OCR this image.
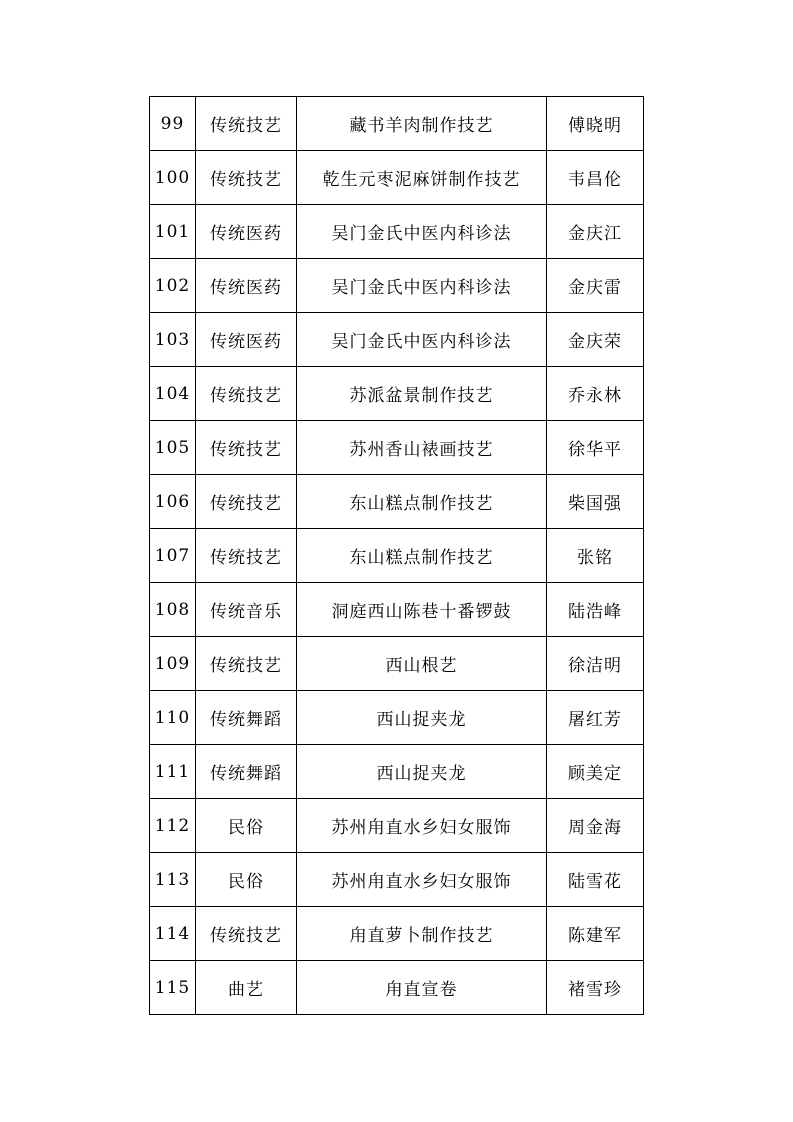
99	传统技艺	藏书羊肉制作技艺	傅晓明
100	传统技艺	乾生元枣泥麻饼制作技艺	韦昌伦
101	传统医药	吴门金氏中医内科诊法	金庆江
102	传统医药	吴门金氏中医内科诊法	金庆雷
103	传统医药	吴门金氏中医内科诊法	金庆荣
104	传统技艺	苏派盆景制作技艺	乔永林
105	传统技艺	苏州香山裱画技艺	徐华平
106	传统技艺	东山糕点制作技艺	柴国强
107	传统技艺	东山糕点制作技艺	张铭
108	传统音乐	洞庭西山陈巷十番锣鼓	陆浩峰
109	传统技艺	西山根艺	徐洁明
110	传统舞蹈	西山捉夹龙	屠红芳
111	传统舞蹈	西山捉夹龙	顾美定
112	民俗	苏州甪直水乡妇女服饰	周金海
113	民俗	苏州甪直水乡妇女服饰	陆雪花
114	传统技艺	甪直萝卜制作技艺	陈建军
115	曲艺	甪直宣卷	褚雪珍
